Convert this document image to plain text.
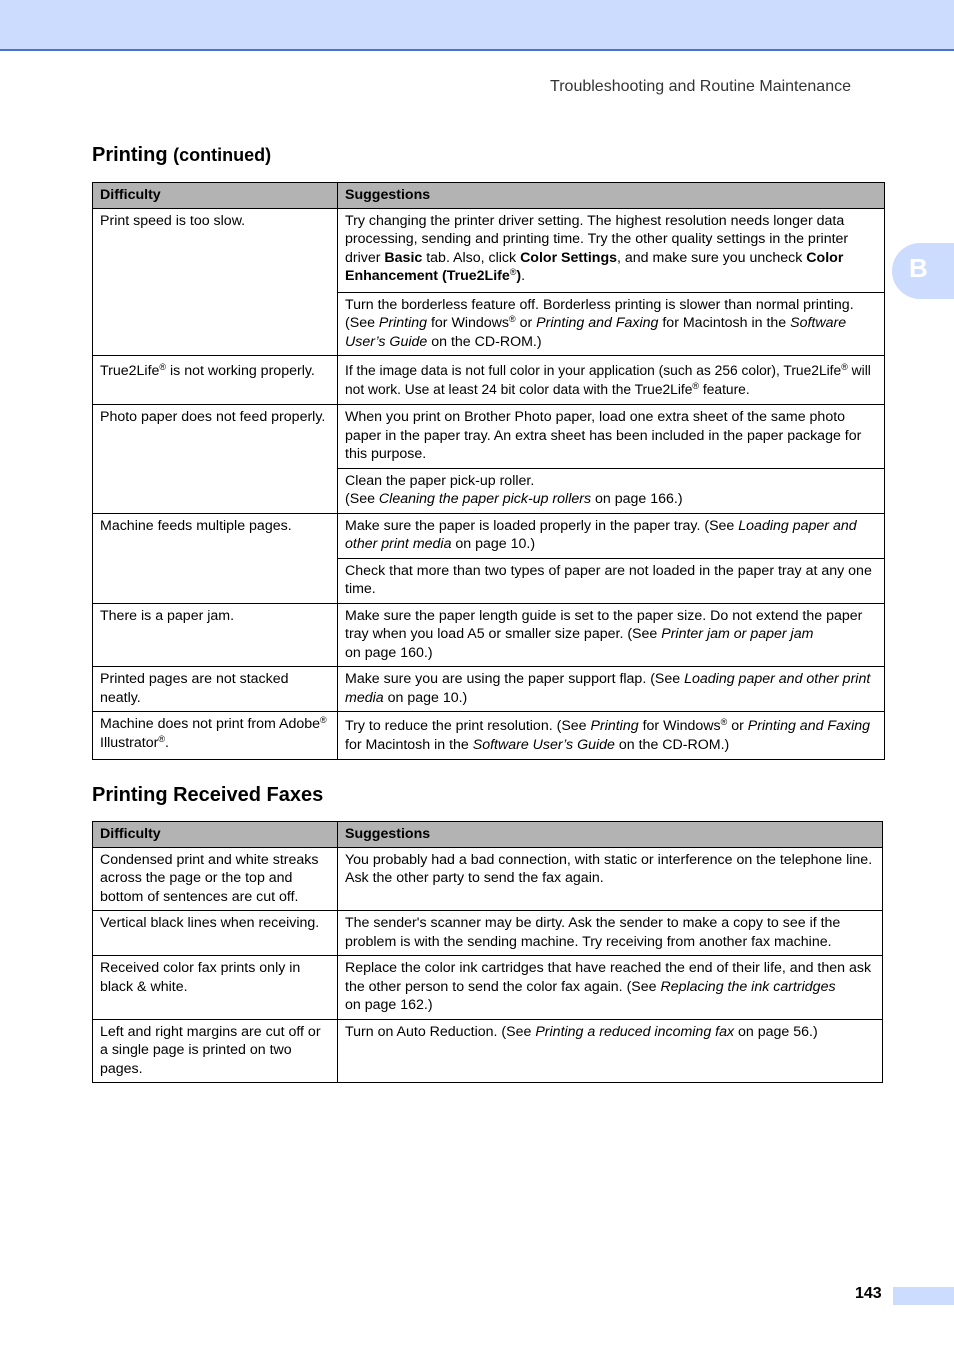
Troubleshooting and Routine Maintenance
B
Printing (continued)
Difficulty	Suggestions
Print speed is too slow.	Try changing the printer driver setting. The highest resolution needs longer data processing, sending and printing time. Try the other quality settings in the printer driver Basic tab. Also, click Color Settings, and make sure you uncheck Color Enhancement (True2Life®).
	Turn the borderless feature off. Borderless printing is slower than normal printing. (See Printing for Windows® or Printing and Faxing for Macintosh in the Software User’s Guide on the CD-ROM.)
True2Life® is not working properly.	If the image data is not full color in your application (such as 256 color), True2Life® will not work. Use at least 24 bit color data with the True2Life® feature.
Photo paper does not feed properly.	When you print on Brother Photo paper, load one extra sheet of the same photo paper in the paper tray. An extra sheet has been included in the paper package for this purpose.
	Clean the paper pick-up roller.
(See Cleaning the paper pick-up rollers on page 166.)
Machine feeds multiple pages.	Make sure the paper is loaded properly in the paper tray. (See Loading paper and other print media on page 10.)
	Check that more than two types of paper are not loaded in the paper tray at any one time.
There is a paper jam.	Make sure the paper length guide is set to the paper size. Do not extend the paper tray when you load A5 or smaller size paper. (See Printer jam or paper jam
on page 160.)
Printed pages are not stacked neatly.	Make sure you are using the paper support flap. (See Loading paper and other print media on page 10.)
Machine does not print from Adobe® Illustrator®.	Try to reduce the print resolution. (See Printing for Windows® or Printing and Faxing for Macintosh in the Software User’s Guide on the CD-ROM.)
Printing Received Faxes
Difficulty	Suggestions
Condensed print and white streaks across the page or the top and bottom of sentences are cut off.	You probably had a bad connection, with static or interference on the telephone line. Ask the other party to send the fax again.
Vertical black lines when receiving.	The sender's scanner may be dirty. Ask the sender to make a copy to see if the problem is with the sending machine. Try receiving from another fax machine.
Received color fax prints only in black & white.	Replace the color ink cartridges that have reached the end of their life, and then ask the other person to send the color fax again. (See Replacing the ink cartridges
on page 162.)
Left and right margins are cut off or a single page is printed on two pages.	Turn on Auto Reduction. (See Printing a reduced incoming fax on page 56.)
143
